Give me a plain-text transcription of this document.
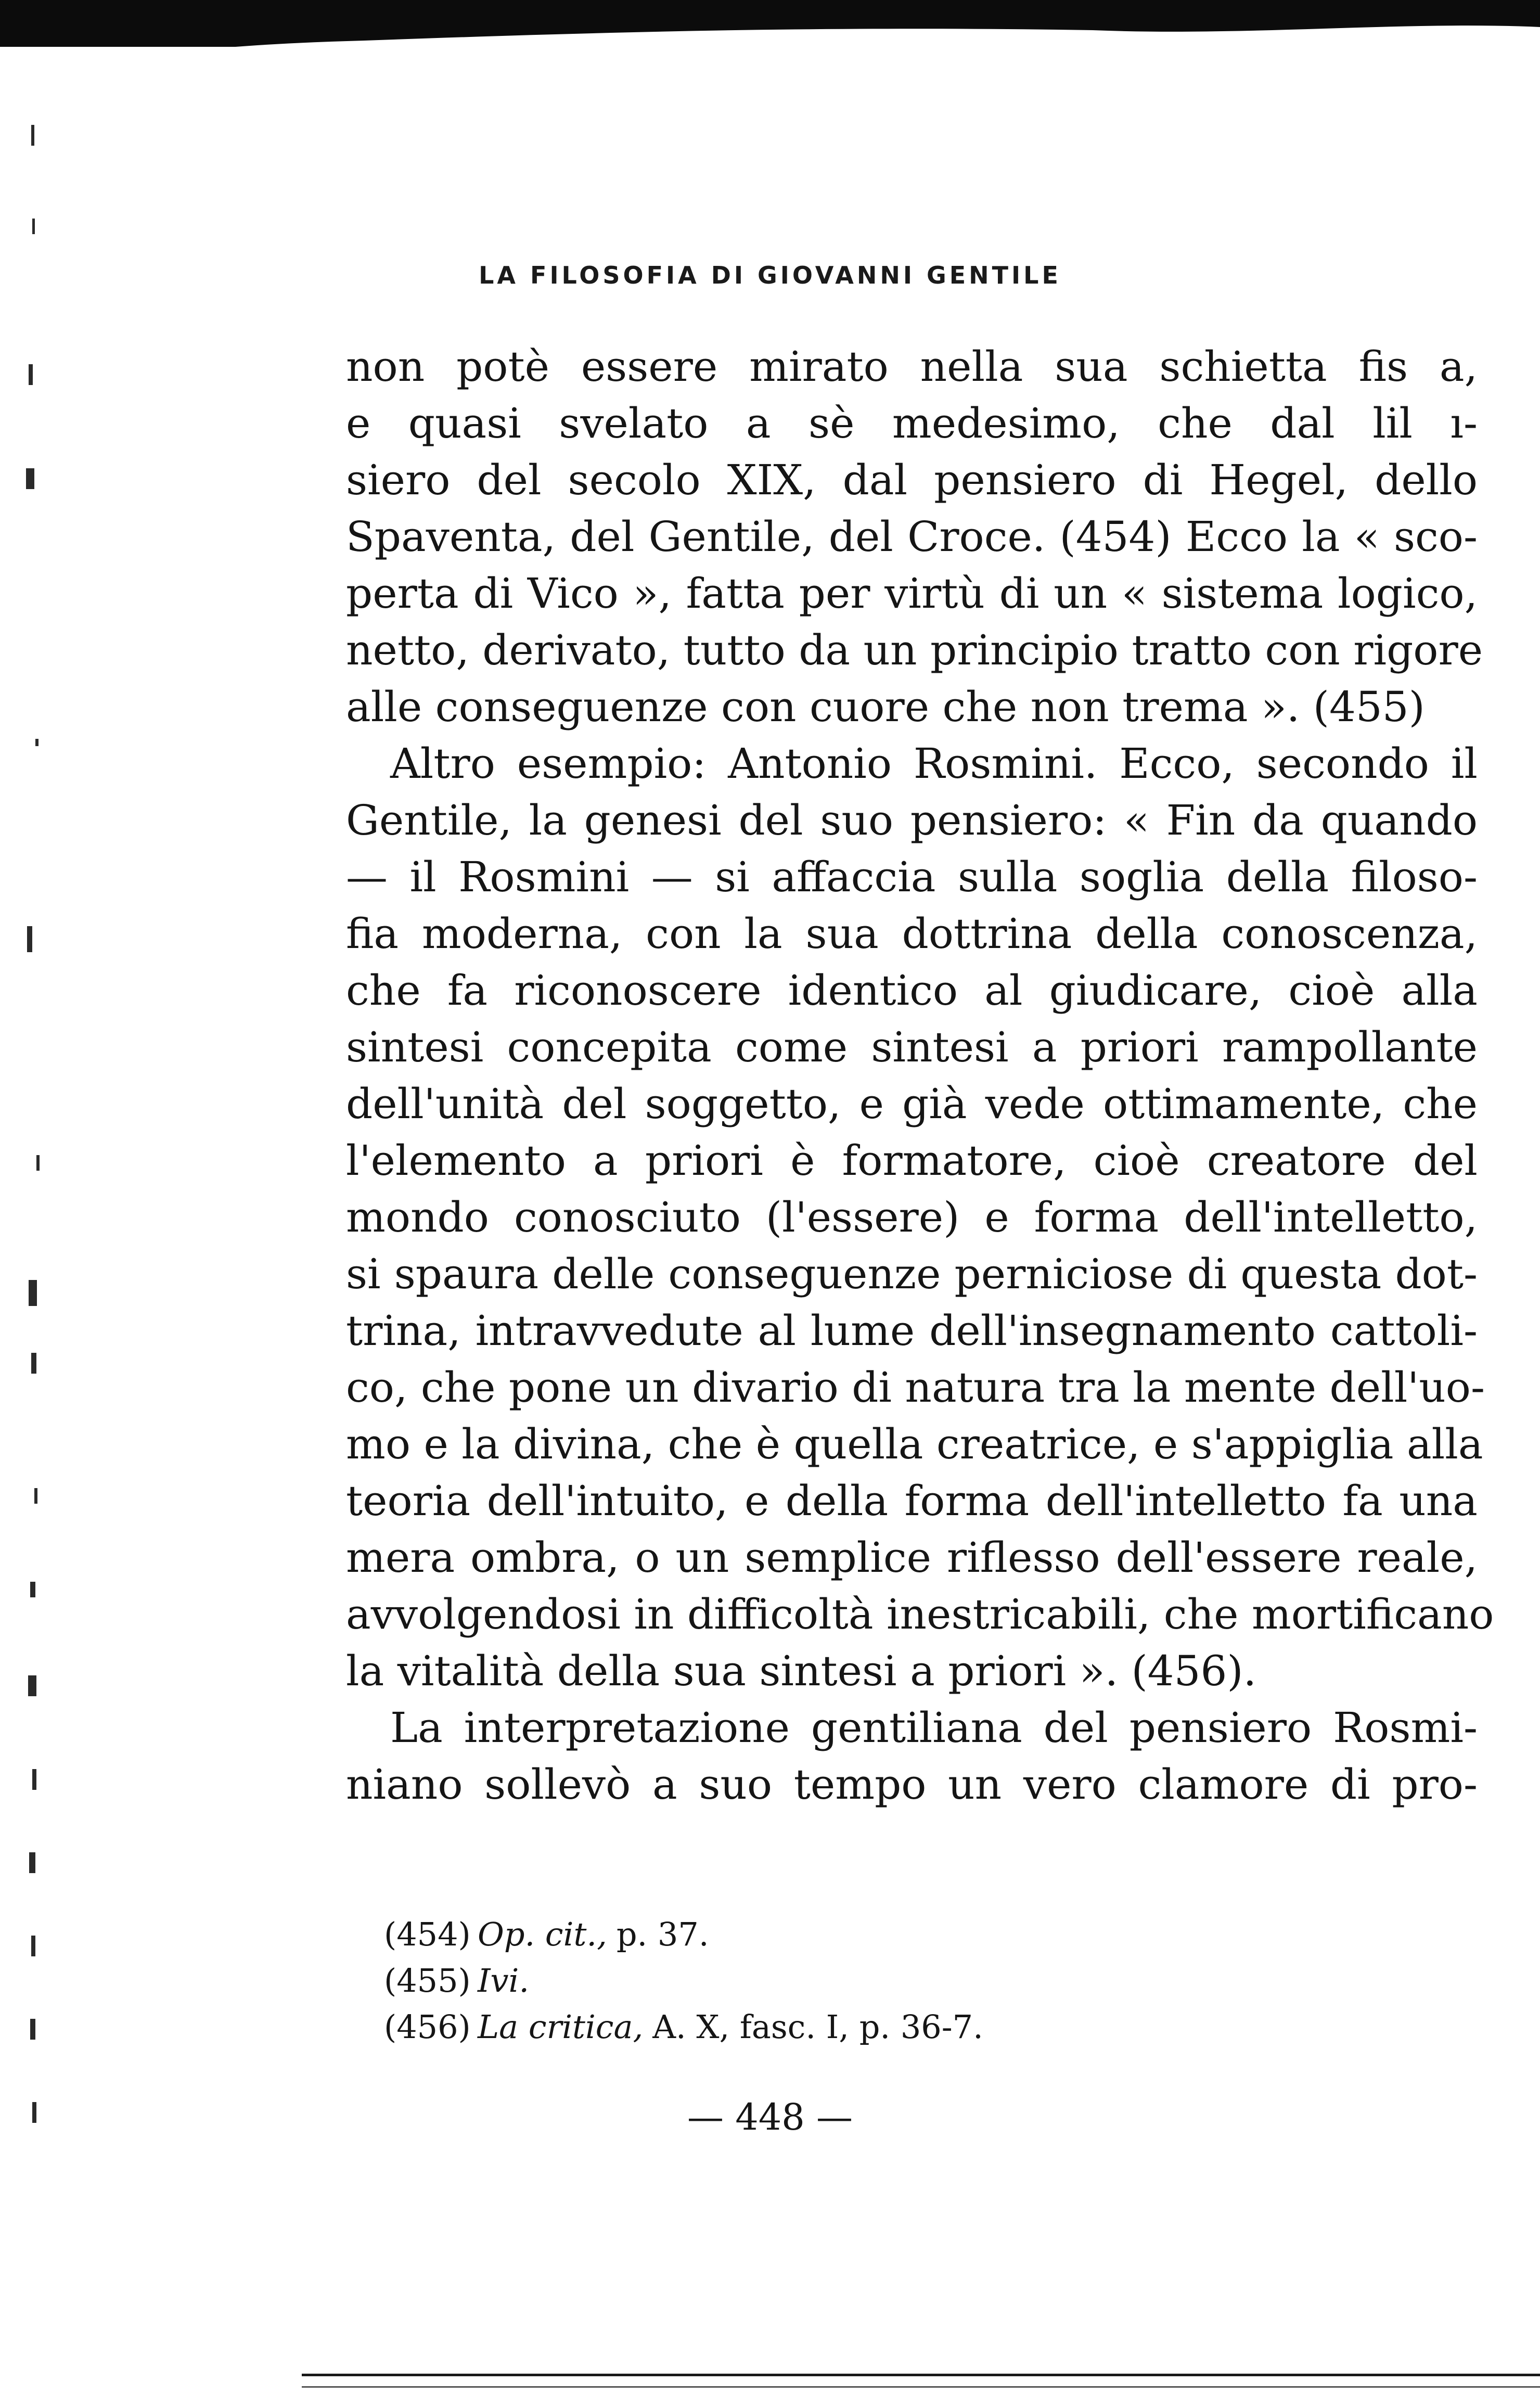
LA FILOSOFIA DI GIOVANNI GENTILE
non potè essere mirato nella sua schietta fis a,
e quasi svelato a sè medesimo, che dal lil ı-
siero del secolo XIX, dal pensiero di Hegel, dello
Spaventa, del Gentile, del Croce. (454) Ecco la « sco-
perta di Vico », fatta per virtù di un « sistema logico,
netto, derivato, tutto da un principio tratto con rigore
alle conseguenze con cuore che non trema ». (455)
Altro esempio: Antonio Rosmini. Ecco, secondo il
Gentile, la genesi del suo pensiero: « Fin da quando
— il Rosmini — si affaccia sulla soglia della filoso-
fia moderna, con la sua dottrina della conoscenza,
che fa riconoscere identico al giudicare, cioè alla
sintesi concepita come sintesi a priori rampollante
dell'unità del soggetto, e già vede ottimamente, che
l'elemento a priori è formatore, cioè creatore del
mondo conosciuto (l'essere) e forma dell'intelletto,
si spaura delle conseguenze perniciose di questa dot-
trina, intravvedute al lume dell'insegnamento cattoli-
co, che pone un divario di natura tra la mente dell'uo-
mo e la divina, che è quella creatrice, e s'appiglia alla
teoria dell'intuito, e della forma dell'intelletto fa una
mera ombra, o un semplice riflesso dell'essere reale,
avvolgendosi in difficoltà inestricabili, che mortificano
la vitalità della sua sintesi a priori ». (456).
La interpretazione gentiliana del pensiero Rosmi-
niano sollevò a suo tempo un vero clamore di pro-
(454) Op. cit., p. 37.
(455) Ivi.
(456) La critica, A. X, fasc. I, p. 36-7.
— 448 —
